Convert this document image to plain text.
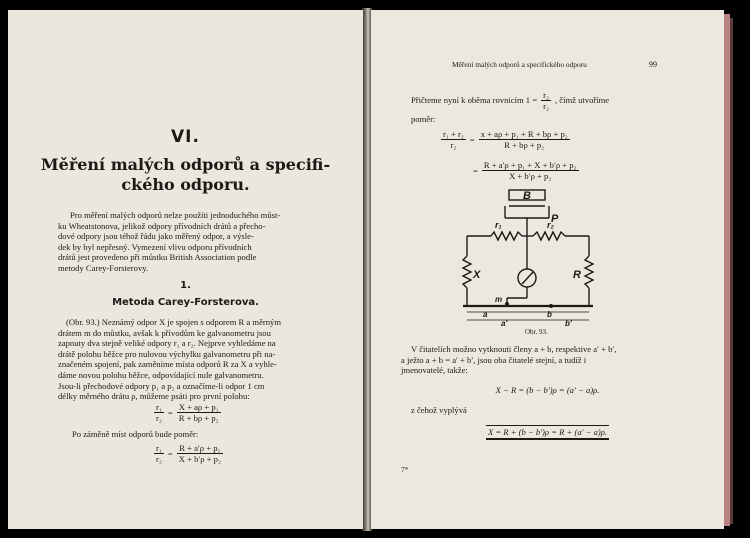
VI.
Měření malých odporů a specifi-
ckého odporu.
Pro měření malých odporů nelze použíti jednoduchého můst-
ku Wheatstonova, jelikož odpory přívodních drátů a přecho-
dové odpory jsou téhož řádu jako měřený odpor, a výsle-
dek by byl nepřesný. Vymezení vlivu odporu přívodních
drátů jest provedeno při můstku British Association podle
metody Carey-Forsterovy.
1.
Metoda Carey-Forsterova.
(Obr. 93.) Neznámý odpor X je spojen s odporem R a měrným
drátem m do můstku, avšak k přívodům ke galvanometru jsou
zapnuty dva stejně veliké odpory r₁ a r₂. Nejprve vyhledáme na
drátě polohu běžce pro nulovou výchylku galvanometru při na-
značeném spojení, pak zaměníme místa odporů R za X a vyhle-
dáme novou polohu běžce, odpovídající nule galvanometru.
Jsou-li přechodové odpory p₁ a p₂ a označíme-li odpor 1 cm
délky měrného drátu ρ, můžeme psáti pro první polohu:
$\frac{\text{r₁}}{\text{r₂}} = \frac{\text{X + aρ + p₁}}{\text{R + bρ + p₂}}$
Po záměně míst odporů bude poměr:
$\frac{\text{r₁}}{\text{r₂}} = \frac{\text{R + a′ρ + p₁}}{\text{X + b′ρ + p₂}}$
Měření malých odporů a specifického odporu	99
Přičteme nyní k oběma rovnicím $1 = \frac{\text{r₂}}{\text{r₂}}$ , čímž utvoříme
poměr:
$\frac{\text{r₁ + r₂}}{\text{r₂}} = \frac{\text{x + aρ + p₁ + R + bρ + p₂}}{\text{R + bρ + p₂}}$
= $\frac{\text{R + a′ρ + p₁ + X + b′ρ + p₂}}{\text{X + b′ρ + p₂}}$
B
P
r₁	r₂
X	R
m
a	b
a′	b′
Obr. 93.
V čitatelích možno vytknouti členy a + b, respektive a′ + b′,
a ježto a + b = a′ + b′, jsou oba čitatelé stejní, a tudíž i
jmenovatelé, takže:
X − R = (b − b′)ρ = (a′ − a)ρ.
z čehož vyplývá
X = R + (b − b′)ρ = R + (a′ − a)ρ.
7*
